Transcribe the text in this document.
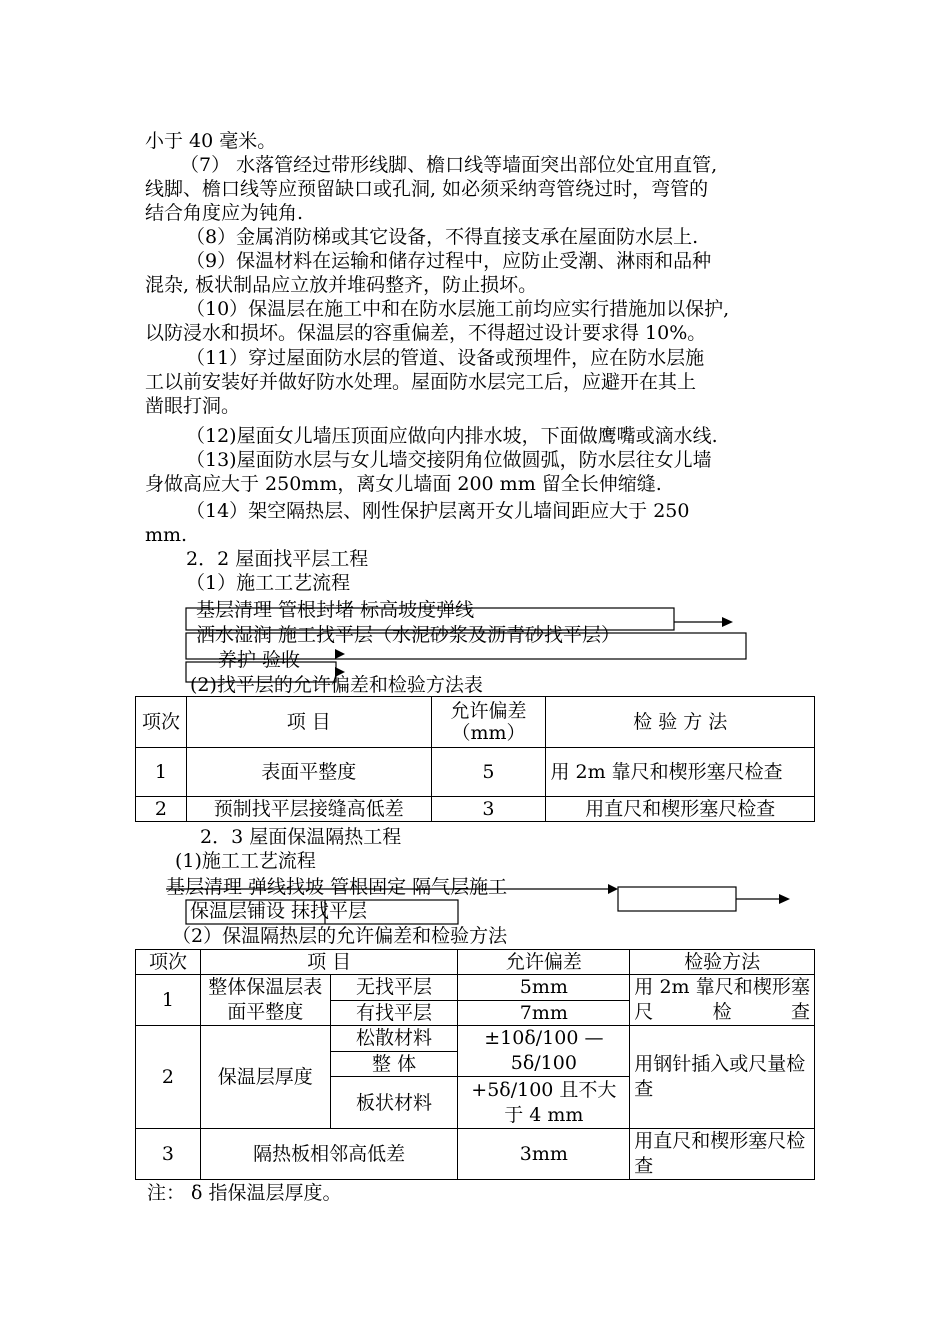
小于 40 毫米。
（7） 水落管经过带形线脚、檐口线等墙面突出部位处宜用直管,
线脚、檐口线等应预留缺口或孔洞, 如必须采纳弯管绕过时，弯管的
结合角度应为钝角.
（8）金属消防梯或其它设备，不得直接支承在屋面防水层上.
（9）保温材料在运输和储存过程中，应防止受潮、淋雨和品种
混杂, 板状制品应立放并堆码整齐，防止损坏。
（10）保温层在施工中和在防水层施工前均应实行措施加以保护,
以防浸水和损坏。保温层的容重偏差，不得超过设计要求得 10%。
（11）穿过屋面防水层的管道、设备或预埋件，应在防水层施
工以前安装好并做好防水处理。屋面防水层完工后，应避开在其上
凿眼打洞。
（12)屋面女儿墙压顶面应做向内排水坡，下面做鹰嘴或滴水线.
（13)屋面防水层与女儿墙交接阴角位做圆弧，防水层往女儿墙
身做高应大于 250mm，离女儿墙面 200 mm 留全长伸缩缝.
（14）架空隔热层、刚性保护层离开女儿墙间距应大于 250
mm.
2．2 屋面找平层工程
（1）施工工艺流程
基层清理 管根封堵 标高坡度弹线
洒水湿润 施工找平层（水泥砂浆及沥青砂找平层）
养护 验收
(2)找平层的允许偏差和检验方法表
项次	项 目	允许偏差（mm）	检 验 方 法
1	表面平整度	5	用 2m 靠尺和楔形塞尺检查
2	预制找平层接缝高低差	3	用直尺和楔形塞尺检查
2．3 屋面保温隔热工程
(1)施工工艺流程
基层清理 弹线找坡 管根固定 隔气层施工
保温层铺设 抹找平层
（2）保温隔热层的允许偏差和检验方法
项次	项 目		允许偏差	检验方法
1	整体保温层表面平整度	无找平层	5mm	用 2m 靠尺和楔形塞尺检查
		有找平层	7mm	
2	保温层厚度	松散材料	±10δ/100 —5δ/100	用钢针插入或尺量检查
		整 体		
		板状材料	+5δ/100 且不大于 4 mm	
3	隔热板相邻高低差		3mm	用直尺和楔形塞尺检查
注： δ 指保温层厚度。
